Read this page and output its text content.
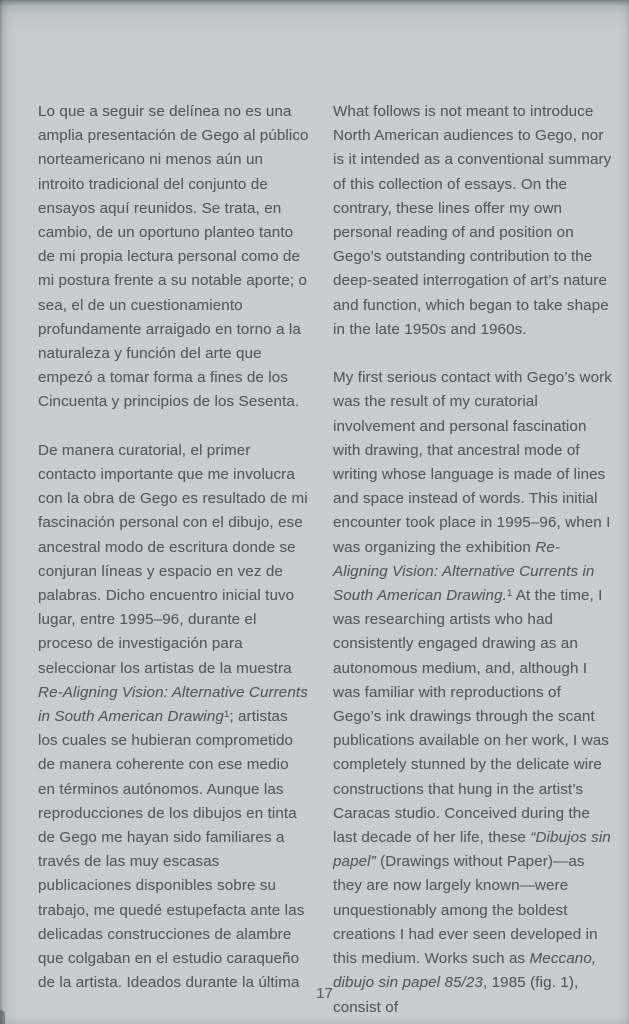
Lo que a seguir se delínea no es una amplia presentación de Gego al público norteamericano ni menos aún un introito tradicional del conjunto de ensayos aquí reunidos. Se trata, en cambio, de un oportuno planteo tanto de mi propia lectura personal como de mi postura frente a su notable aporte; o sea, el de un cuestionamiento profundamente arraigado en torno a la naturaleza y función del arte que empezó a tomar forma a fines de los Cincuenta y principios de los Sesenta.

De manera curatorial, el primer contacto importante que me involucra con la obra de Gego es resultado de mi fascinación personal con el dibujo, ese ancestral modo de escritura donde se conjuran líneas y espacio en vez de palabras. Dicho encuentro inicial tuvo lugar, entre 1995–96, durante el proceso de investigación para seleccionar los artistas de la muestra Re-Aligning Vision: Alternative Currents in South American Drawing$^1$; artistas los cuales se hubieran comprometido de manera coherente con ese medio en términos autónomos. Aunque las reproducciones de los dibujos en tinta de Gego me hayan sido familiares a través de las muy escasas publicaciones disponibles sobre su trabajo, me quedé estupefacta ante las delicadas construcciones de alambre que colgaban en el estudio caraqueño de la artista. Ideados durante la última

What follows is not meant to introduce North American audiences to Gego, nor is it intended as a conventional summary of this collection of essays. On the contrary, these lines offer my own personal reading of and position on Gego’s outstanding contribution to the deep-seated interrogation of art’s nature and function, which began to take shape in the late 1950s and 1960s.

My first serious contact with Gego’s work was the result of my curatorial involvement and personal fascination with drawing, that ancestral mode of writing whose language is made of lines and space instead of words. This initial encounter took place in 1995–96, when I was organizing the exhibition Re-Aligning Vision: Alternative Currents in South American Drawing.$^1$ At the time, I was researching artists who had consistently engaged drawing as an autonomous medium, and, although I was familiar with reproductions of Gego’s ink drawings through the scant publications available on her work, I was completely stunned by the delicate wire constructions that hung in the artist’s Caracas studio. Conceived during the last decade of her life, these “Dibujos sin papel” (Drawings without Paper)—as they are now largely known—were unquestionably among the boldest creations I had ever seen developed in this medium. Works such as Meccano, dibujo sin papel 85/23, 1985 (fig. 1), consist of

17
